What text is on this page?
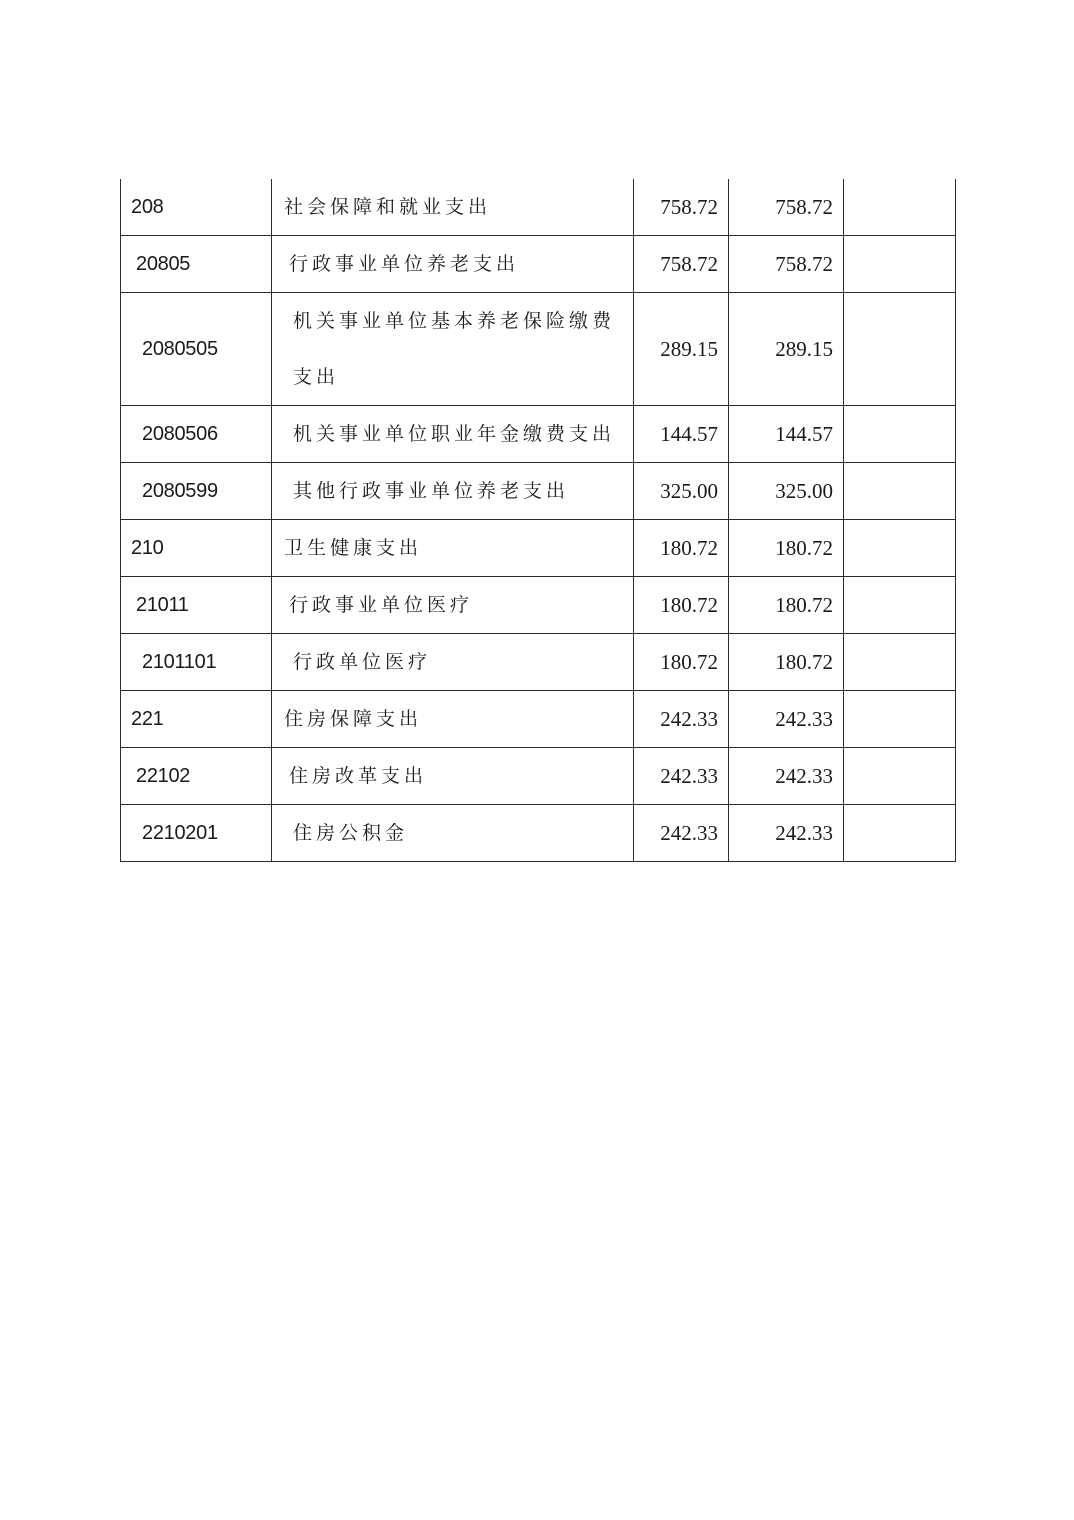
208	社会保障和就业支出	758.72	758.72	
20805	行政事业单位养老支出	758.72	758.72	
2080505	机关事业单位基本养老保险缴费支出	289.15	289.15	
2080506	机关事业单位职业年金缴费支出	144.57	144.57	
2080599	其他行政事业单位养老支出	325.00	325.00	
210	卫生健康支出	180.72	180.72	
21011	行政事业单位医疗	180.72	180.72	
2101101	行政单位医疗	180.72	180.72	
221	住房保障支出	242.33	242.33	
22102	住房改革支出	242.33	242.33	
2210201	住房公积金	242.33	242.33	
